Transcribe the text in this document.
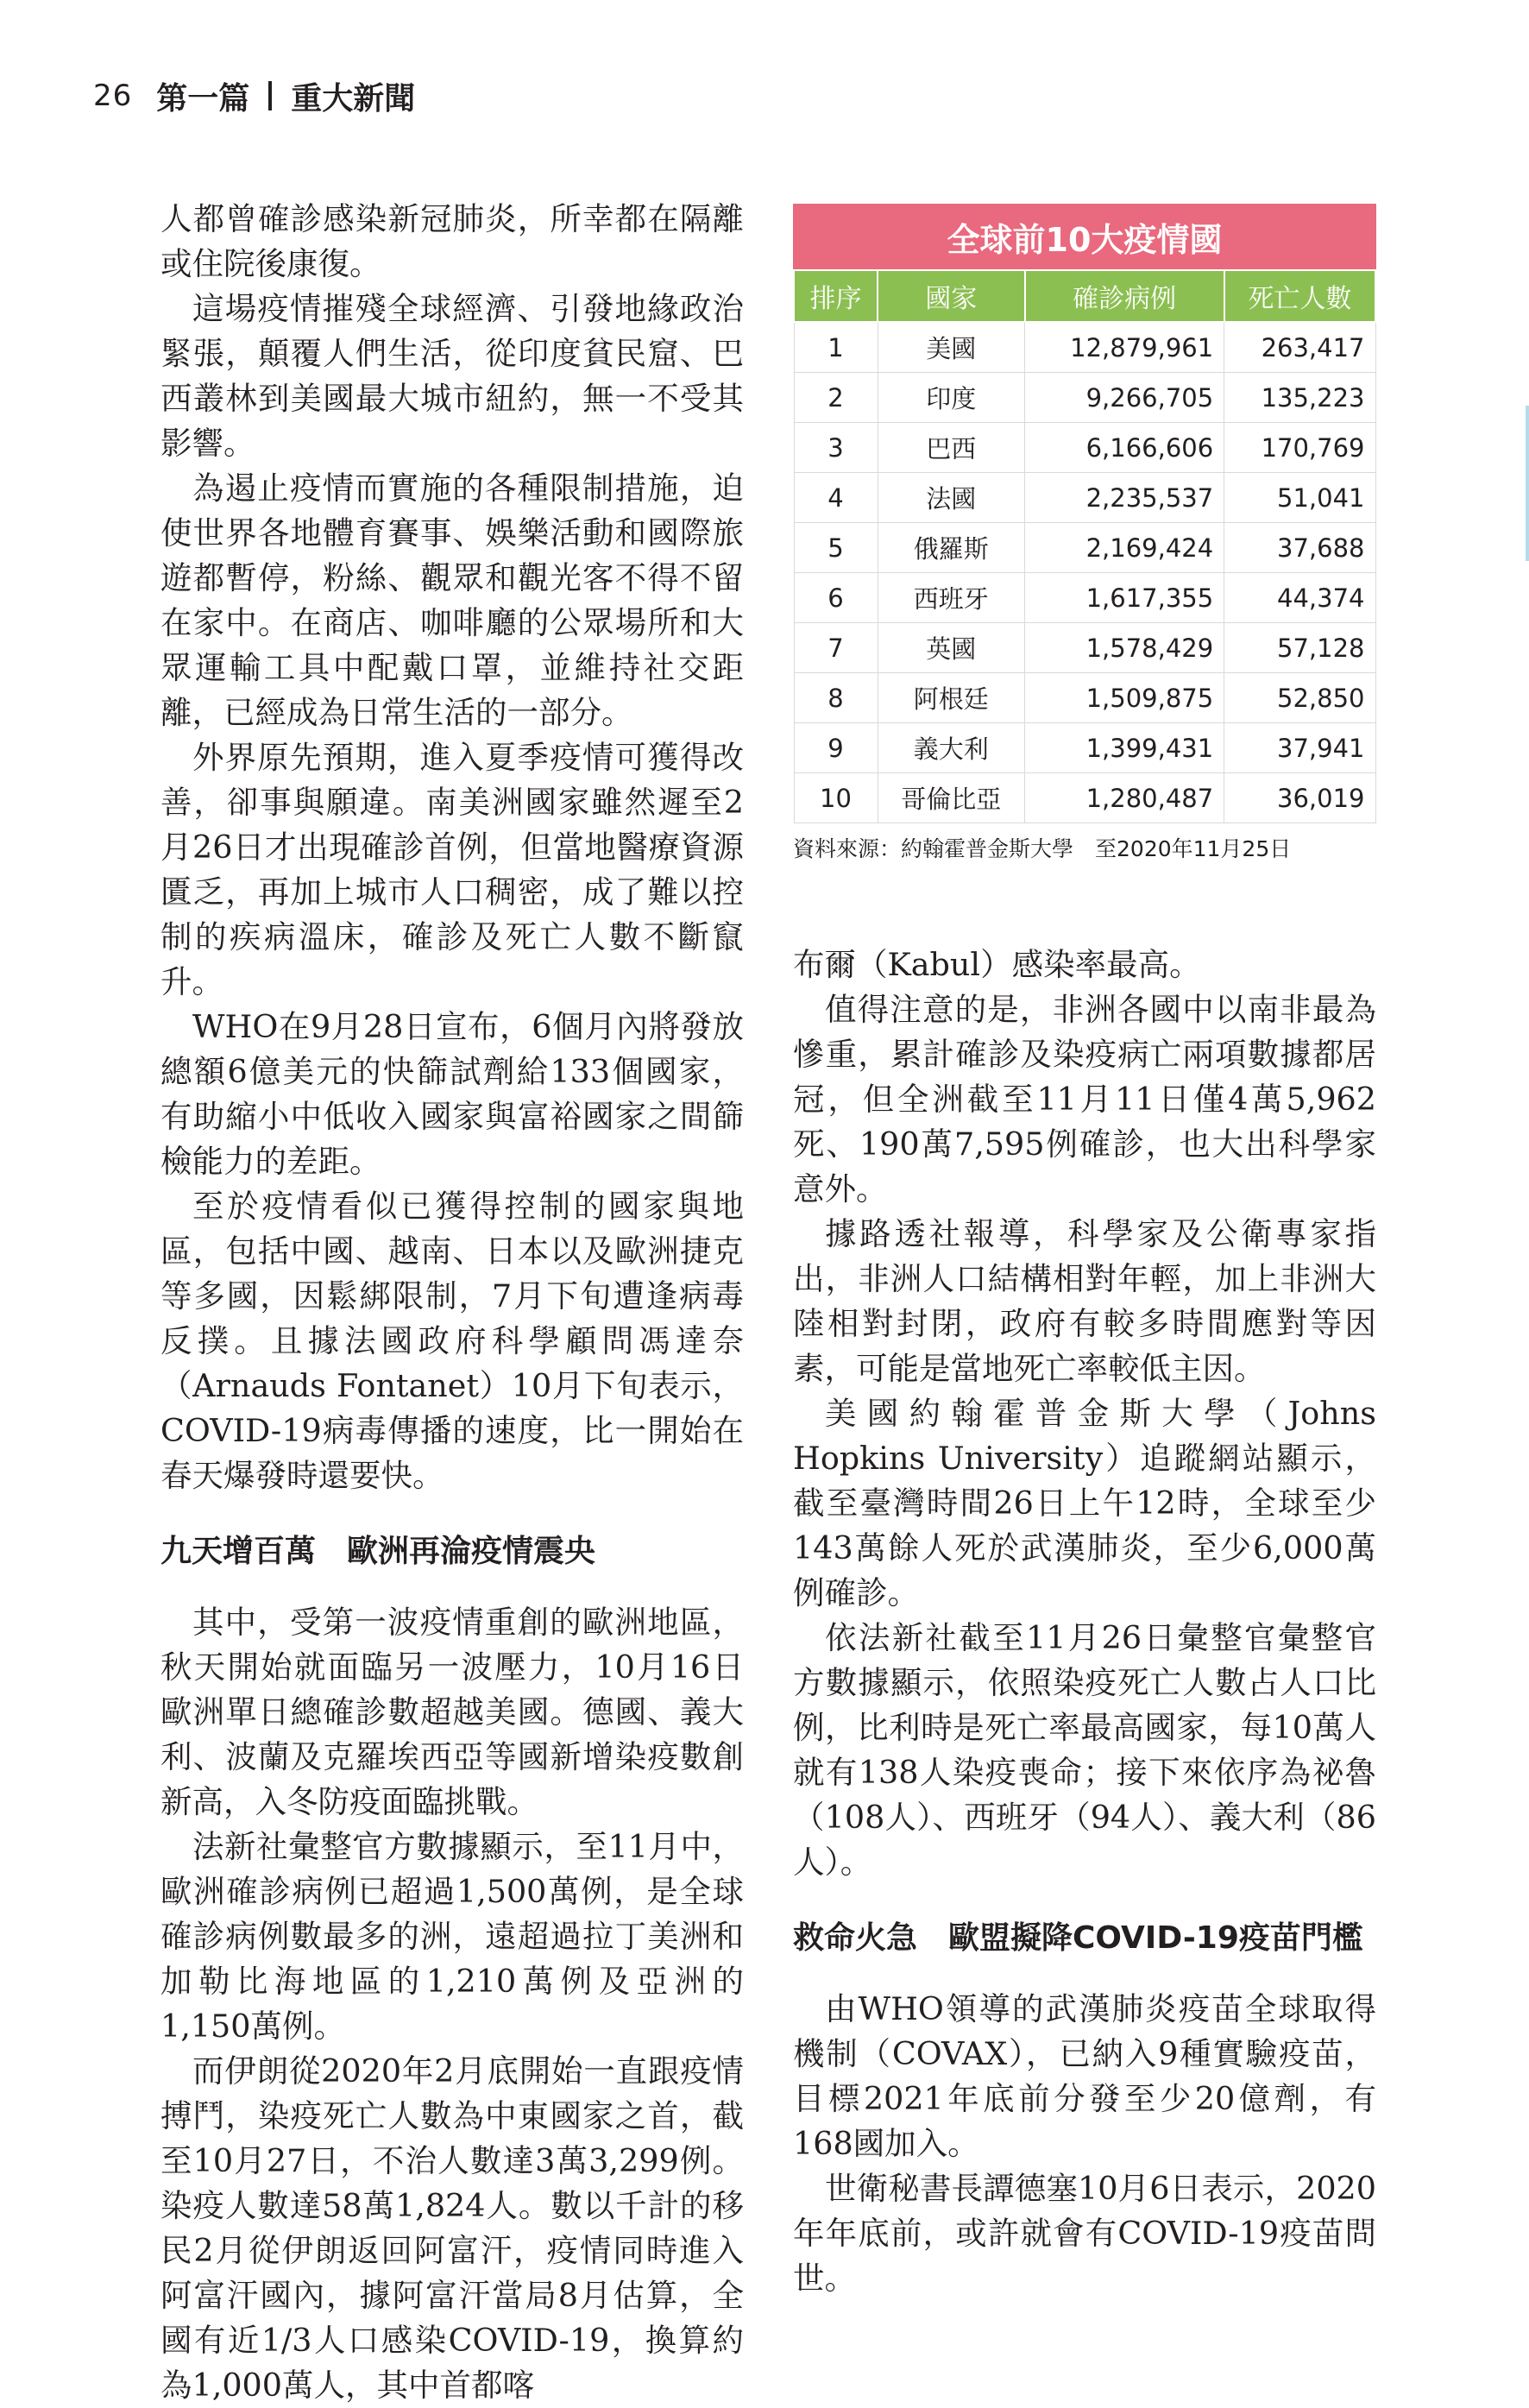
26 第一篇 重大新聞

人都曾確診感染新冠肺炎，所幸都在隔離或住院後康復。

這場疫情摧殘全球經濟、引發地緣政治緊張，顛覆人們生活，從印度貧民窟、巴西叢林到美國最大城市紐約，無一不受其影響。

為遏止疫情而實施的各種限制措施，迫使世界各地體育賽事、娛樂活動和國際旅遊都暫停，粉絲、觀眾和觀光客不得不留在家中。在商店、咖啡廳的公眾場所和大眾運輸工具中配戴口罩，並維持社交距離，已經成為日常生活的一部分。

外界原先預期，進入夏季疫情可獲得改善，卻事與願違。南美洲國家雖然遲至2月26日才出現確診首例，但當地醫療資源匱乏，再加上城市人口稠密，成了難以控制的疾病溫床，確診及死亡人數不斷竄升。

WHO在9月28日宣布，6個月內將發放總額6億美元的快篩試劑給133個國家，有助縮小中低收入國家與富裕國家之間篩檢能力的差距。

至於疫情看似已獲得控制的國家與地區，包括中國、越南、日本以及歐洲捷克等多國，因鬆綁限制，7月下旬遭逢病毒反撲。且據法國政府科學顧問馮達奈（Arnauds Fontanet）10月下旬表示， COVID-19病毒傳播的速度，比一開始在春天爆發時還要快。

九天增百萬　歐洲再淪疫情震央

其中，受第一波疫情重創的歐洲地區，秋天開始就面臨另一波壓力，10月16日歐洲單日總確診數超越美國。德國、義大利、波蘭及克羅埃西亞等國新增染疫數創新高，入冬防疫面臨挑戰。

法新社彙整官方數據顯示，至11月中，歐洲確診病例已超過1,500萬例，是全球確診病例數最多的洲，遠超過拉丁美洲和加勒比海地區的1,210萬例及亞洲的1,150萬例。

而伊朗從2020年2月底開始一直跟疫情搏鬥，染疫死亡人數為中東國家之首，截至10月27日，不治人數達3萬3,299例。染疫人數達58萬1,824人。數以千計的移民2月從伊朗返回阿富汗，疫情同時進入阿富汗國內，據阿富汗當局8月估算，全國有近1/3人口感染COVID-19，換算約為1,000萬人，其中首都喀

全球前10大疫情國
排序	國家	確診病例	死亡人數
1	美國	12,879,961	263,417
2	印度	9,266,705	135,223
3	巴西	6,166,606	170,769
4	法國	2,235,537	51,041
5	俄羅斯	2,169,424	37,688
6	西班牙	1,617,355	44,374
7	英國	1,578,429	57,128
8	阿根廷	1,509,875	52,850
9	義大利	1,399,431	37,941
10	哥倫比亞	1,280,487	36,019
資料來源：約翰霍普金斯大學　至2020年11月25日

布爾（Kabul）感染率最高。

值得注意的是，非洲各國中以南非最為慘重，累計確診及染疫病亡兩項數據都居冠，但全洲截至11月11日僅4萬5,962死、190萬7,595例確診，也大出科學家意外。

據路透社報導，科學家及公衛專家指出，非洲人口結構相對年輕，加上非洲大陸相對封閉，政府有較多時間應對等因素，可能是當地死亡率較低主因。

美國約翰霍普金斯大學（Johns Hopkins University）追蹤網站顯示，截至臺灣時間26日上午12時，全球至少143萬餘人死於武漢肺炎，至少6,000萬例確診。

依法新社截至11月26日彙整官彙整官方數據顯示，依照染疫死亡人數占人口比例，比利時是死亡率最高國家，每10萬人就有138人染疫喪命；接下來依序為祕魯（108人）、西班牙（94人）、義大利（86人）。

救命火急　歐盟擬降COVID-19疫苗門檻

由WHO領導的武漢肺炎疫苗全球取得機制（COVAX），已納入9種實驗疫苗，目標2021年底前分發至少20億劑，有168國加入。

世衛秘書長譚德塞10月6日表示，2020年年底前，或許就會有COVID-19疫苗問世。
